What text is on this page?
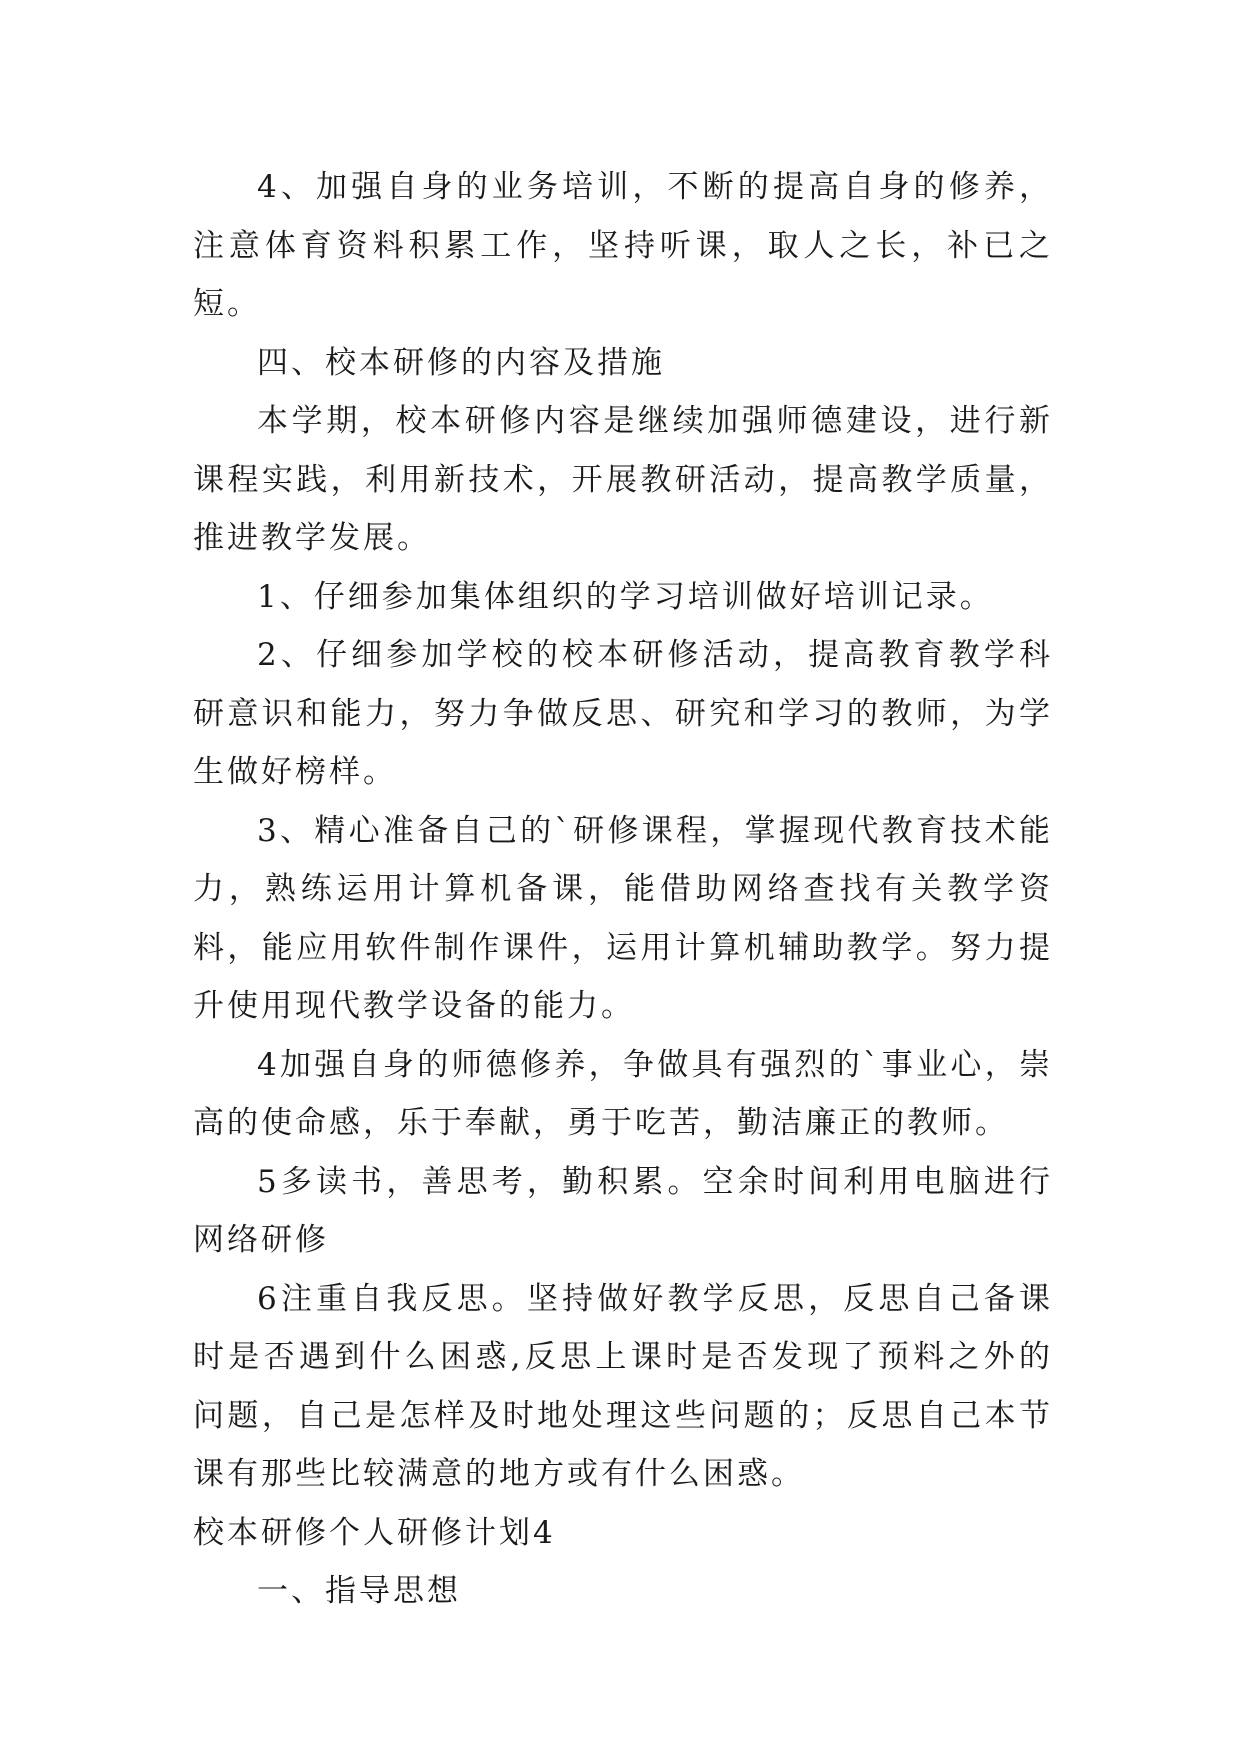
4、加强自身的业务培训，不断的提高自身的修养，注意体育资料积累工作，坚持听课，取人之长，补已之短。

四、校本研修的内容及措施

本学期，校本研修内容是继续加强师德建设，进行新课程实践，利用新技术，开展教研活动，提高教学质量，推进教学发展。

1、仔细参加集体组织的学习培训做好培训记录。

2、仔细参加学校的校本研修活动，提高教育教学科研意识和能力，努力争做反思、研究和学习的教师，为学生做好榜样。

3、精心准备自己的`研修课程，掌握现代教育技术能力，熟练运用计算机备课，能借助网络查找有关教学资料，能应用软件制作课件，运用计算机辅助教学。努力提升使用现代教学设备的能力。

4加强自身的师德修养，争做具有强烈的`事业心，崇高的使命感，乐于奉献，勇于吃苦，勤洁廉正的教师。

5多读书，善思考，勤积累。空余时间利用电脑进行网络研修

6注重自我反思。坚持做好教学反思，反思自己备课时是否遇到什么困惑,反思上课时是否发现了预料之外的问题，自己是怎样及时地处理这些问题的；反思自己本节课有那些比较满意的地方或有什么困惑。

校本研修个人研修计划4

一、指导思想
